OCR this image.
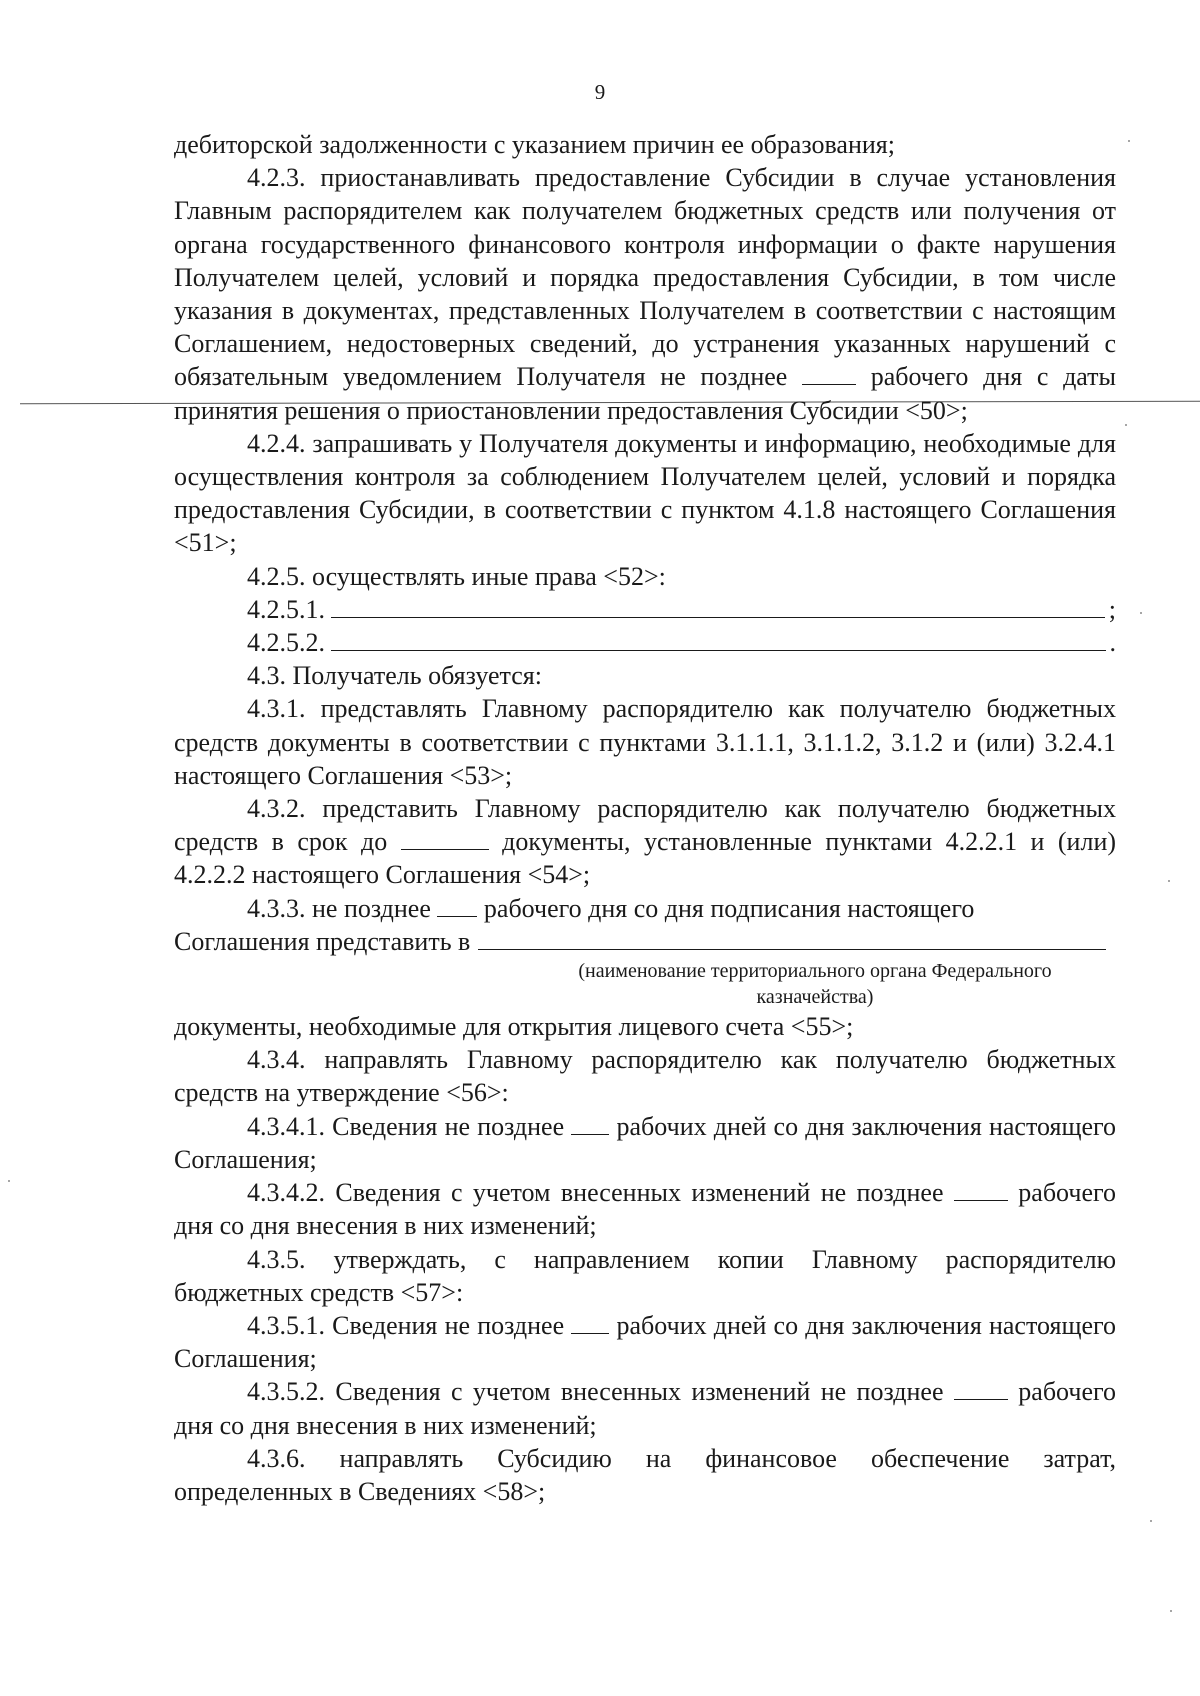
9

дебиторской задолженности с указанием причин ее образования;

4.2.3. приостанавливать предоставление Субсидии в случае установления Главным распорядителем как получателем бюджетных средств или получения от органа государственного финансового контроля информации о факте нарушения Получателем целей, условий и порядка предоставления Субсидии, в том числе указания в документах, представленных Получателем в соответствии с настоящим Соглашением, недостоверных сведений, до устранения указанных нарушений с обязательным уведомлением Получателя не позднее	рабочего дня с даты принятия решения о приостановлении предоставления Субсидии <50>;

4.2.4. запрашивать у Получателя документы и информацию, необходимые для осуществления контроля за соблюдением Получателем целей, условий и порядка предоставления Субсидии, в соответствии с пунктом 4.1.8 настоящего Соглашения <51>;

4.2.5. осуществлять иные права <52>:

4.2.5.1.	;
4.2.5.2.	.

4.3. Получатель обязуется:

4.3.1. представлять Главному распорядителю как получателю бюджетных средств документы в соответствии с пунктами 3.1.1.1, 3.1.1.2, 3.1.2 и (или) 3.2.4.1 настоящего Соглашения <53>;

4.3.2. представить Главному распорядителю как получателю бюджетных средств в срок до	документы, установленные пунктами 4.2.2.1 и (или) 4.2.2.2 настоящего Соглашения <54>;

4.3.3. не позднее рабочего дня со дня подписания настоящего

Соглашения представить в
(наименование территориального органа Федерального казначейства)

документы, необходимые для открытия лицевого счета <55>;

4.3.4. направлять Главному распорядителю как получателю бюджетных средств на утверждение <56>:

4.3.4.1. Сведения не позднее рабочих дней со дня заключения настоящего Соглашения;

4.3.4.2. Сведения с учетом внесенных изменений не позднее	рабочего дня со дня внесения в них изменений;

4.3.5. утверждать, с направлением копии Главному распорядителю бюджетных средств <57>:

4.3.5.1. Сведения не позднее рабочих дней со дня заключения настоящего Соглашения;

4.3.5.2. Сведения с учетом внесенных изменений не позднее	рабочего дня со дня внесения в них изменений;

4.3.6. направлять Субсидию на финансовое обеспечение затрат, определенных в Сведениях <58>;
